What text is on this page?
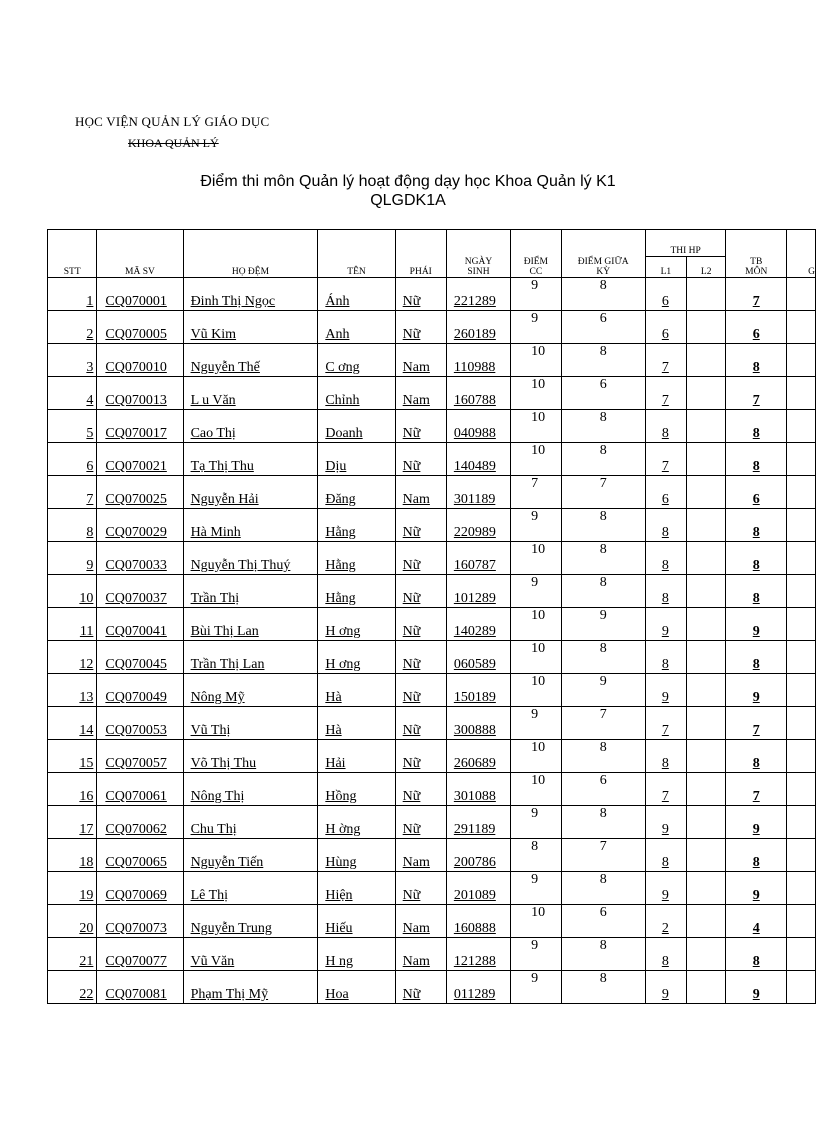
HỌC VIỆN QUẢN LÝ GIÁO DỤC
KHOA QUẢN LÝ
Điểm thi môn Quản lý hoạt động dạy học Khoa Quản lý K1
QLGDK1A
STT	MÃ SV	HỌ ĐỆM	TÊN	PHÁI	NGÀY SINH	ĐIỂM CC	ĐIỂM GIỮA KỲ	THI HP		TB MÔN	G
								L1	L2		
1	CQ070001	Đinh Thị Ngọc	Ánh	Nữ	221289	9	8	6		7	
2	CQ070005	Vũ Kim	Anh	Nữ	260189	9	6	6		6	
3	CQ070010	Nguyễn Thế	C ơng	Nam	110988	10	8	7		8	
4	CQ070013	L u Văn	Chỉnh	Nam	160788	10	6	7		7	
5	CQ070017	Cao Thị	Doanh	Nữ	040988	10	8	8		8	
6	CQ070021	Tạ Thị Thu	Dịu	Nữ	140489	10	8	7		8	
7	CQ070025	Nguyễn Hải	Đăng	Nam	301189	7	7	6		6	
8	CQ070029	Hà Minh	Hằng	Nữ	220989	9	8	8		8	
9	CQ070033	Nguyễn Thị Thuý	Hằng	Nữ	160787	10	8	8		8	
10	CQ070037	Trần Thị	Hằng	Nữ	101289	9	8	8		8	
11	CQ070041	Bùi Thị Lan	H ơng	Nữ	140289	10	9	9		9	
12	CQ070045	Trần Thị Lan	H ơng	Nữ	060589	10	8	8		8	
13	CQ070049	Nông Mỹ	Hà	Nữ	150189	10	9	9		9	
14	CQ070053	Vũ Thị	Hà	Nữ	300888	9	7	7		7	
15	CQ070057	Võ Thị Thu	Hải	Nữ	260689	10	8	8		8	
16	CQ070061	Nông Thị	Hồng	Nữ	301088	10	6	7		7	
17	CQ070062	Chu Thị	H ờng	Nữ	291189	9	8	9		9	
18	CQ070065	Nguyễn Tiến	Hùng	Nam	200786	8	7	8		8	
19	CQ070069	Lê Thị	Hiện	Nữ	201089	9	8	9		9	
20	CQ070073	Nguyễn Trung	Hiếu	Nam	160888	10	6	2		4	
21	CQ070077	Vũ Văn	H ng	Nam	121288	9	8	8		8	
22	CQ070081	Phạm Thị Mỹ	Hoa	Nữ	011289	9	8	9		9	
